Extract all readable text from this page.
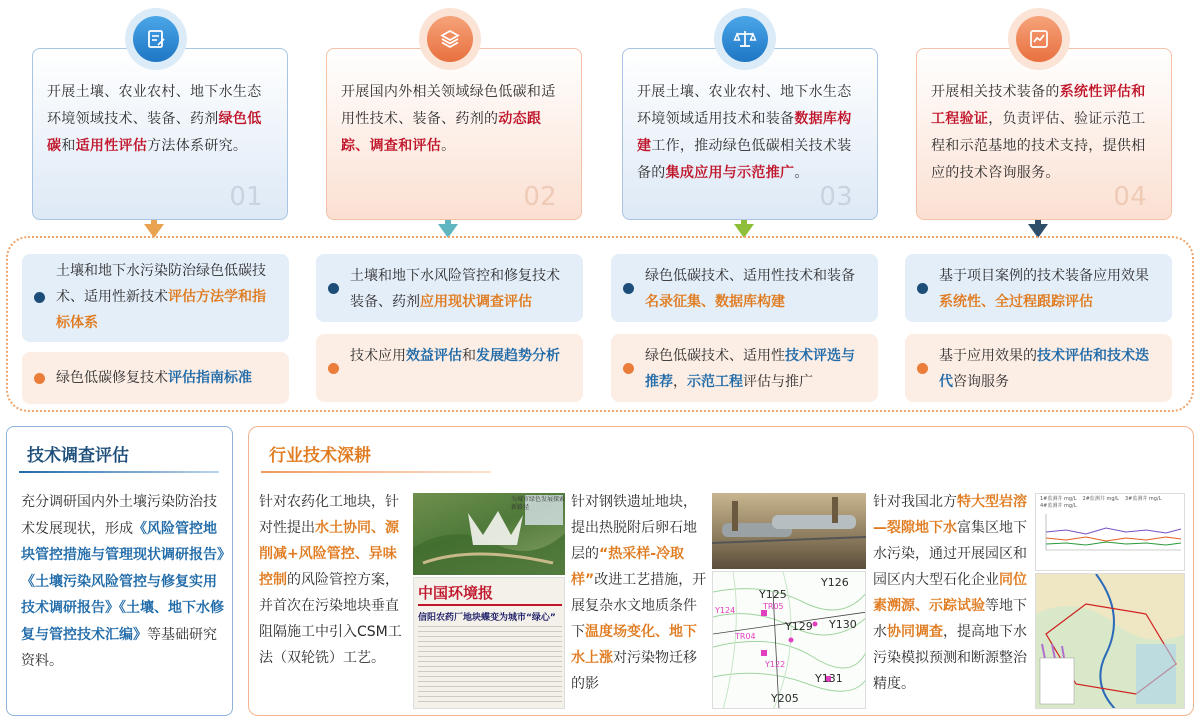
开展土壤、农业农村、地下水生态环境领域技术、装备、药剂绿色低碳和适用性评估方法体系研究。
01
开展国内外相关领域绿色低碳和适用性技术、装备、药剂的动态跟踪、调查和评估。
02
开展土壤、农业农村、地下水生态环境领域适用技术和装备数据库构建工作，推动绿色低碳相关技术装备的集成应用与示范推广。
03
开展相关技术装备的系统性评估和工程验证，负责评估、验证示范工程和示范基地的技术支持，提供相应的技术咨询服务。
04
土壤和地下水污染防治绿色低碳技术、适用性新技术评估方法学和指标体系
绿色低碳修复技术评估指南标准
土壤和地下水风险管控和修复技术装备、药剂应用现状调查评估
技术应用效益评估和发展趋势分析
绿色低碳技术、适用性技术和装备名录征集、数据库构建
绿色低碳技术、适用性技术评选与推荐，示范工程评估与推广
基于项目案例的技术装备应用效果系统性、全过程跟踪评估
基于应用效果的技术评估和技术迭代咨询服务
技术调查评估
充分调研国内外土壤污染防治技术发展现状，形成《风险管控地块管控措施与管理现状调研报告》《土壤污染风险管控与修复实用技术调研报告》《土壤、地下水修复与管控技术汇编》等基础研究资料。
行业技术深耕
针对农药化工地块，针对性提出水土协同、源削减+风险管控、异味控制的风险管控方案，并首次在污染地块垂直阻隔施工中引入CSM工法（双轮铣）工艺。
中国环境报
信阳农药厂地块蝶变为城市“绿心”
为城市绿色发展探索新路径	针对钢铁遗址地块，提出热脱附后卵石地层的“热采样-冷取样”改进工艺措施，开展复杂水文地质条件下温度场变化、地下水上涨对污染物迁移的影
Y126
Y125
Y129 Y130
Y131
Y205
Y122
Y124
TR04
TR05
针对我国北方特大型岩溶—裂隙地下水富集区地下水污染，通过开展园区和园区内大型石化企业同位素溯源、示踪试验等地下水协同调查，提高地下水污染模拟预测和断源整治精度。
1#监测井 mg/L 2#监测井 mg/L 3#监测井 mg/L
4#监测井 mg/L
